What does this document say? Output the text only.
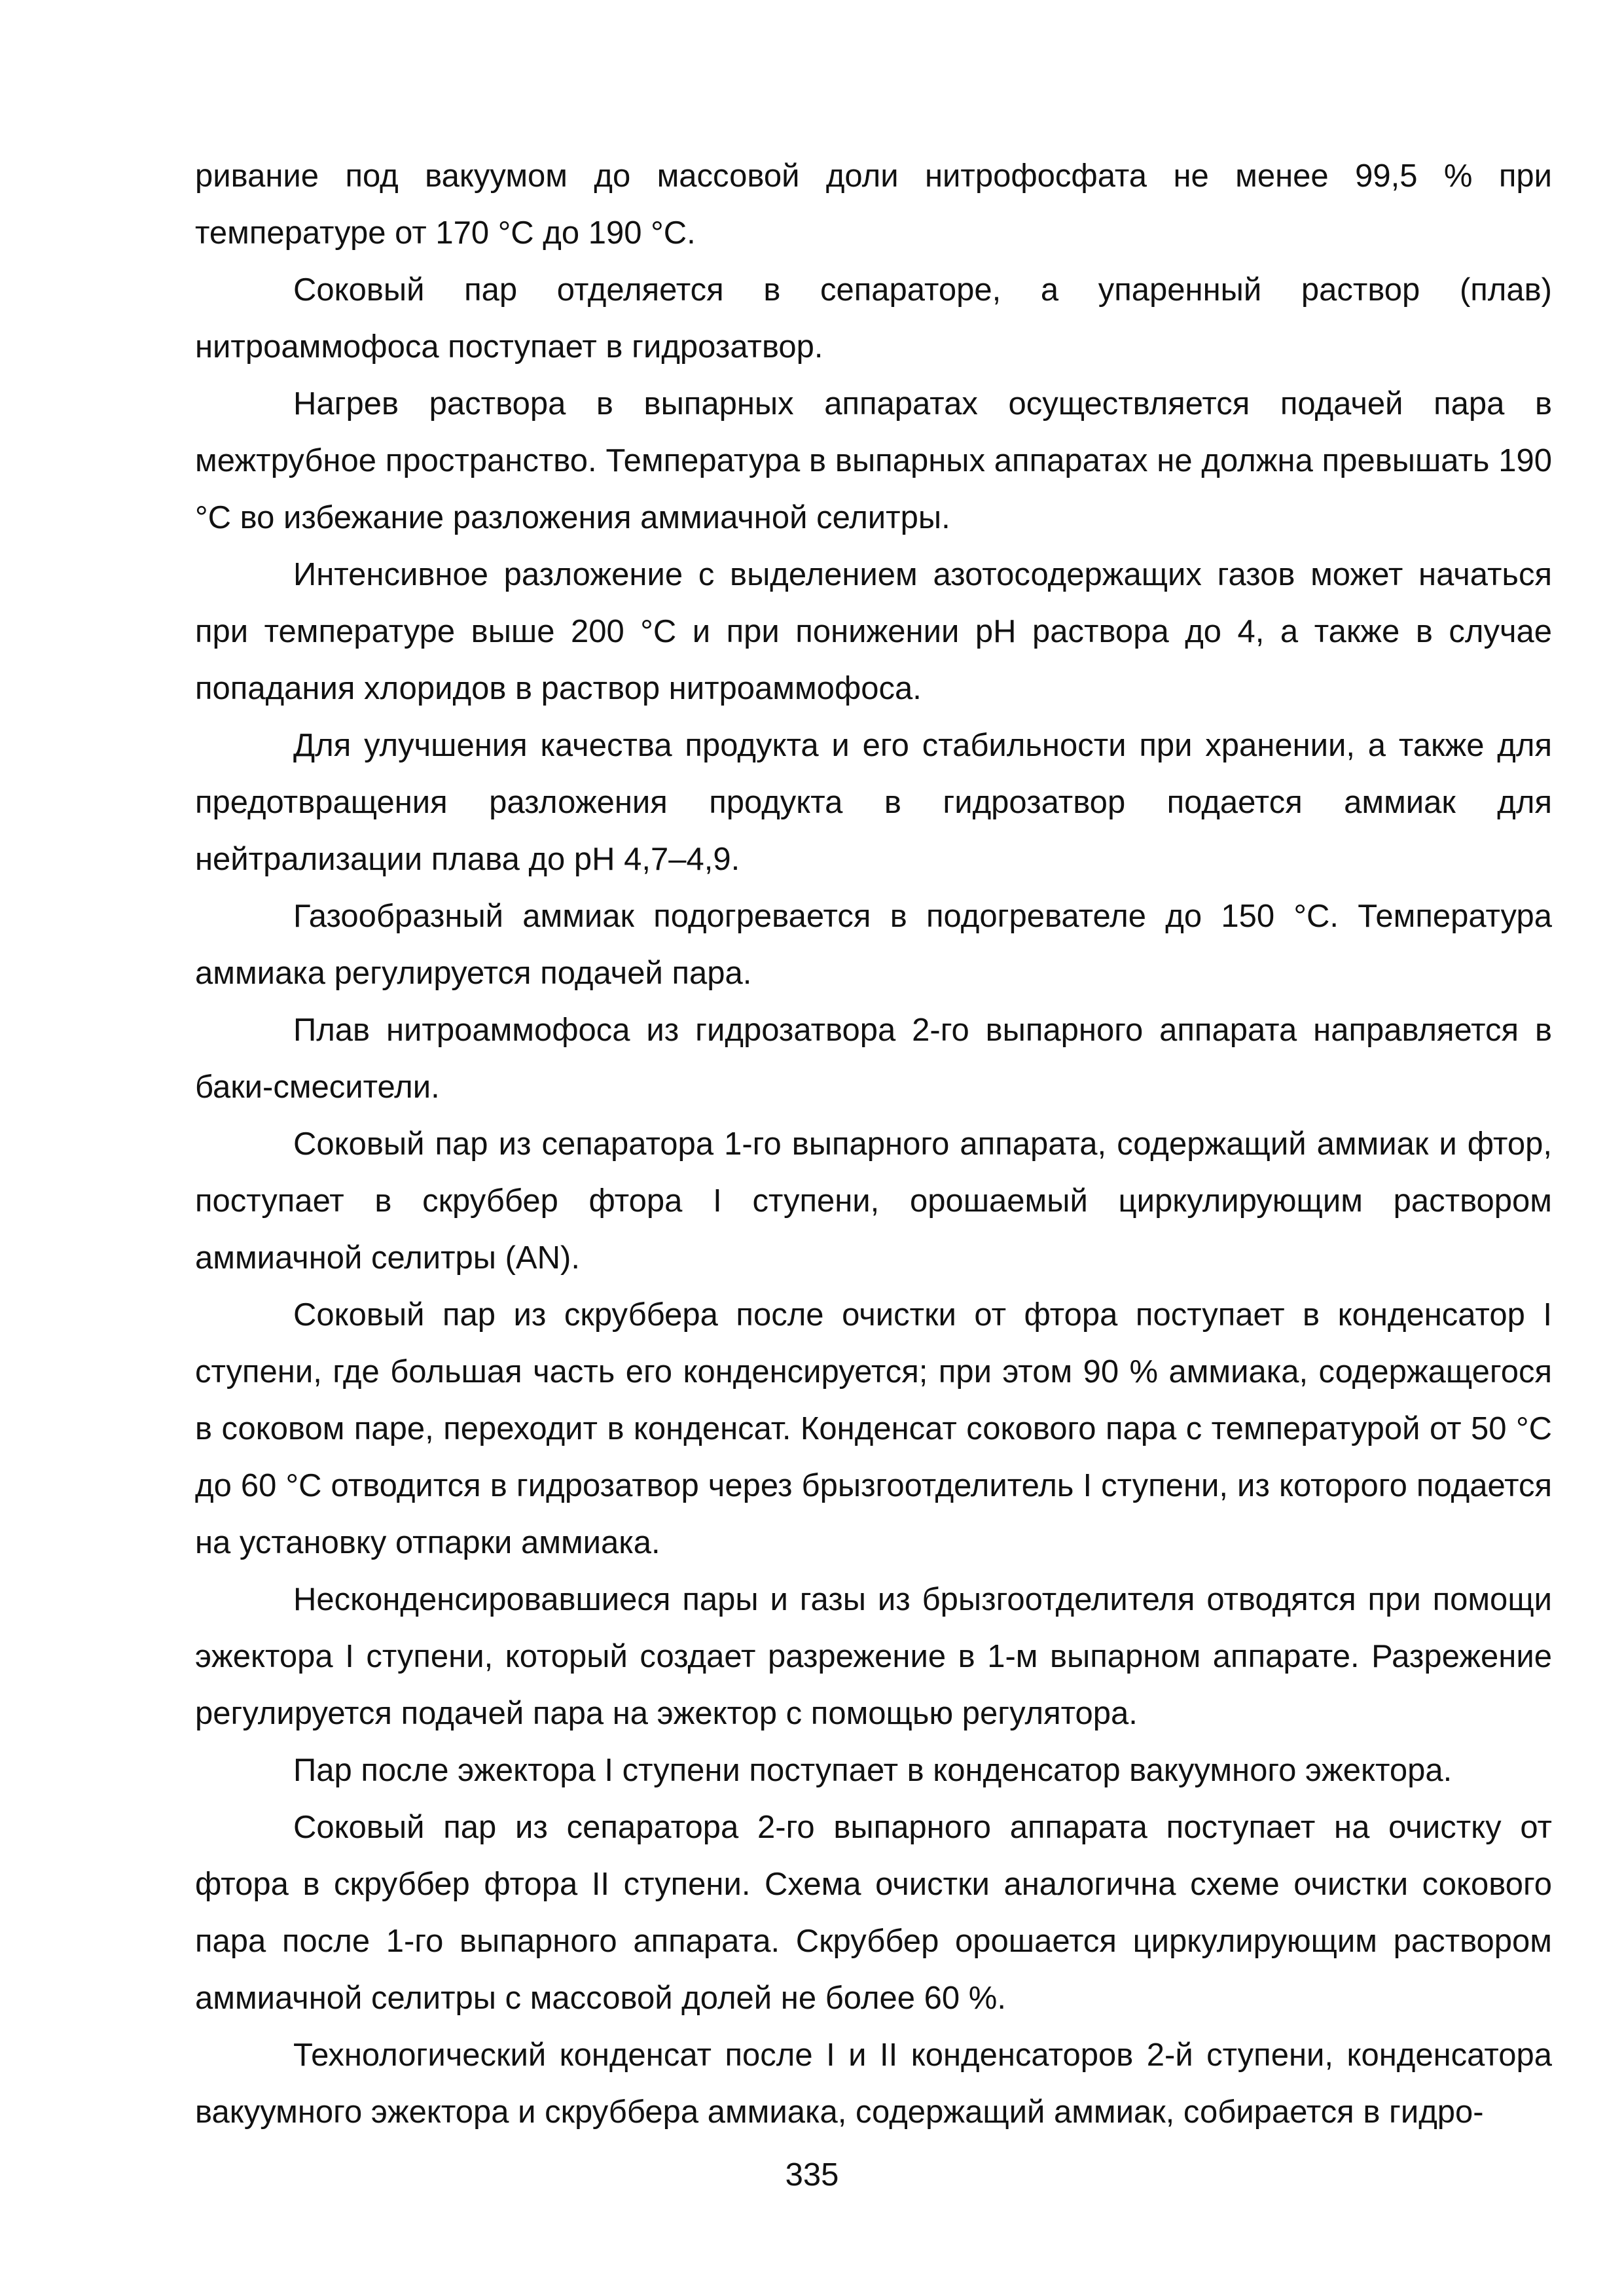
ривание под вакуумом до массовой доли нитрофосфата не менее 99,5 % при температуре от 170 °С до 190 °С.

Соковый пар отделяется в сепараторе, а упаренный раствор (плав) нитроаммофоса поступает в гидрозатвор.

Нагрев раствора в выпарных аппаратах осуществляется подачей пара в межтрубное пространство. Температура в выпарных аппаратах не должна превышать 190 °С во избежание разложения аммиачной селитры.

Интенсивное разложение с выделением азотосодержащих газов может начаться при температуре выше 200 °С и при понижении рН раствора до 4, а также в случае попадания хлоридов в раствор нитроаммофоса.

Для улучшения качества продукта и его стабильности при хранении, а также для предотвращения разложения продукта в гидрозатвор подается аммиак для нейтрализации плава до рН 4,7–4,9.

Газообразный аммиак подогревается в подогревателе до 150 °С. Температура аммиака регулируется подачей пара.

Плав нитроаммофоса из гидрозатвора 2-го выпарного аппарата направляется в баки-смесители.

Соковый пар из сепаратора 1-го выпарного аппарата, содержащий аммиак и фтор, поступает в скруббер фтора I ступени, орошаемый циркулирующим раствором аммиачной селитры (AN).

Соковый пар из скруббера после очистки от фтора поступает в конденсатор I ступени, где большая часть его конденсируется; при этом 90 % аммиака, содержащегося в соковом паре, переходит в конденсат. Конденсат сокового пара с температурой от 50 °С до 60 °С отводится в гидрозатвор через брызгоотделитель I ступени, из которого подается на установку отпарки аммиака.

Несконденсировавшиеся пары и газы из брызгоотделителя отводятся при помощи эжектора I ступени, который создает разрежение в 1-м выпарном аппарате. Разрежение регулируется подачей пара на эжектор с помощью регулятора.

Пар после эжектора I ступени поступает в конденсатор вакуумного эжектора.

Соковый пар из сепаратора 2-го выпарного аппарата поступает на очистку от фтора в скруббер фтора II ступени. Схема очистки аналогична схеме очистки сокового пара после 1-го выпарного аппарата. Скруббер орошается циркулирующим раствором аммиачной селитры с массовой долей не более 60 %.

Технологический конденсат после I и II конденсаторов 2-й ступени, конденсатора вакуумного эжектора и скруббера аммиака, содержащий аммиак, собирается в гидро-

335
